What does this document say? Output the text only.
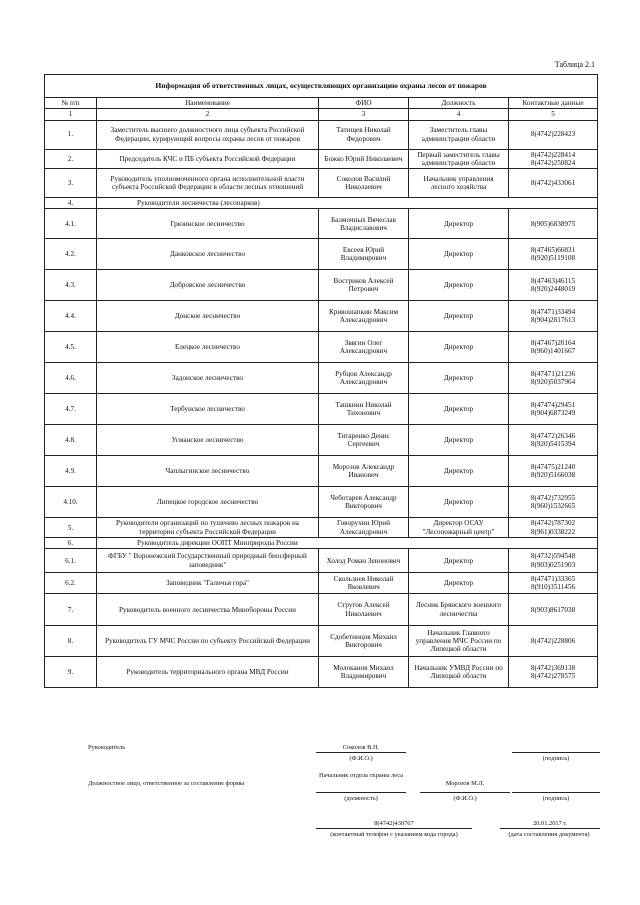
Таблица 2.1
Информация об ответственных лицах, осуществляющих организацию охраны лесов от пожаров				
№ п/п	Наименование	ФИО	Должность	Контактные данные
1	2	3	4	5
1.	Заместитель высшего должностного лица субъекта Российской Федерации, курирующий вопросы охраны лесов от пожаров	Татищев Николай Федорович	Заместитель главы администрации области	8(4742)228423
2.	Председатель КЧС и ПБ субъекта Российской Федерации	Божко Юрий Николаевич	Первый заместитель главы администрации области	8(4742)228414
8(4742)250824
3.	Руководитель уполномоченного органа исполнительной власти субъекта Российской Федерации в области лесных отношений	Соколов Василий Николаевич	Начальник управления лесного хозяйства	8(4742)433061
4.	Руководители лесничества (лесопарков)			
4.1.	Грязинское лесничество	Балмочных Вячеслав Владиславович	Директор	8(905)6838975
4.2.	Данковское лесничество	Евсеев Юрий Владимирович	Директор	8(47465)66831
8(920)5119108
4.3.	Добровское лесничество	Востриков Алексей Петрович	Директор	8(47463)46115
8(920)2448019
4.4.	Донское лесничество	Кривошапкин Максим Александрович	Директор	8(47471)33494
8(904)2817613
4.5.	Елецкое лесничество	Звягин Олег Александрович	Директор	8(47467)20164
8(960)1401667
4.6.	Задонское лесничество	Рубцов Александр Александрович	Директор	8(47471)21236
8(920)5037964
4.7.	Тербунское лесничество	Ташкинн Николай Тихонович	Директор	8(47474)29451
8(904)6873249
4.8.	Усманское лесничество	Титаренко Денис Сергеевич	Директор	8(47472)26346
8(920)5415394
4.9.	Чаплыгинское лесничество	Морозов Александр Иванович	Директор	8(47475)21240
8(920)5166038
4.10.	Липецкое городское лесничество	Чеботарев Александр Викторович	Директор	8(4742)732955
8(960)1532665
5.	Руководители организаций по тушению лесных пожаров на территории субъекта Российской Федерации	Говорухин Юрий Александрович	Директор ОСАУ "Лесопожарный центр"	8(4742)787302
8(961)0338222
6.	Руководитель дирекции ООПТ Минприроды России			
6.1.	ФГБУ " Воронежский Государственный природный биосферный заповедник"	Холод Роман Зенонович	Директор	8(4732)594548
8(903)0251903
6.2.	Заповедник "Галичья гора"	Скользнев Николай Яковлевич	Директор	8(47471)33365
8(910)3511456
7.	Руководитель военного лесничества Минобороны России	Стругов Алексей Николаевич	Лесник Брянского военного лесничества	8(903)8617038
8.	Руководитель ГУ МЧС России по субъекту Российской Федерации	Сдобетинцов Михаил Викторович	Начальник Главного управления МЧС России по Липецкой области	8(4742)228806
9.	Руководитель территориального органа МВД России	Молоканов Михаил Владимирович	Начальник УМВД России по Липецкой области	8(4742)369138
8(4742)278575
Руководитель	Соколов В.Н.
(Ф.И.О.)	(подпись)
Должностное лицо, ответственное за составление формы
Начальник отдела охраны леса
(должность)
Морозов М.Л.
(Ф.И.О.)	(подпись)
8(4742)430767
(контактный телефон с указанием кода города)
20.01.2017 г.
(дата составления документа)
